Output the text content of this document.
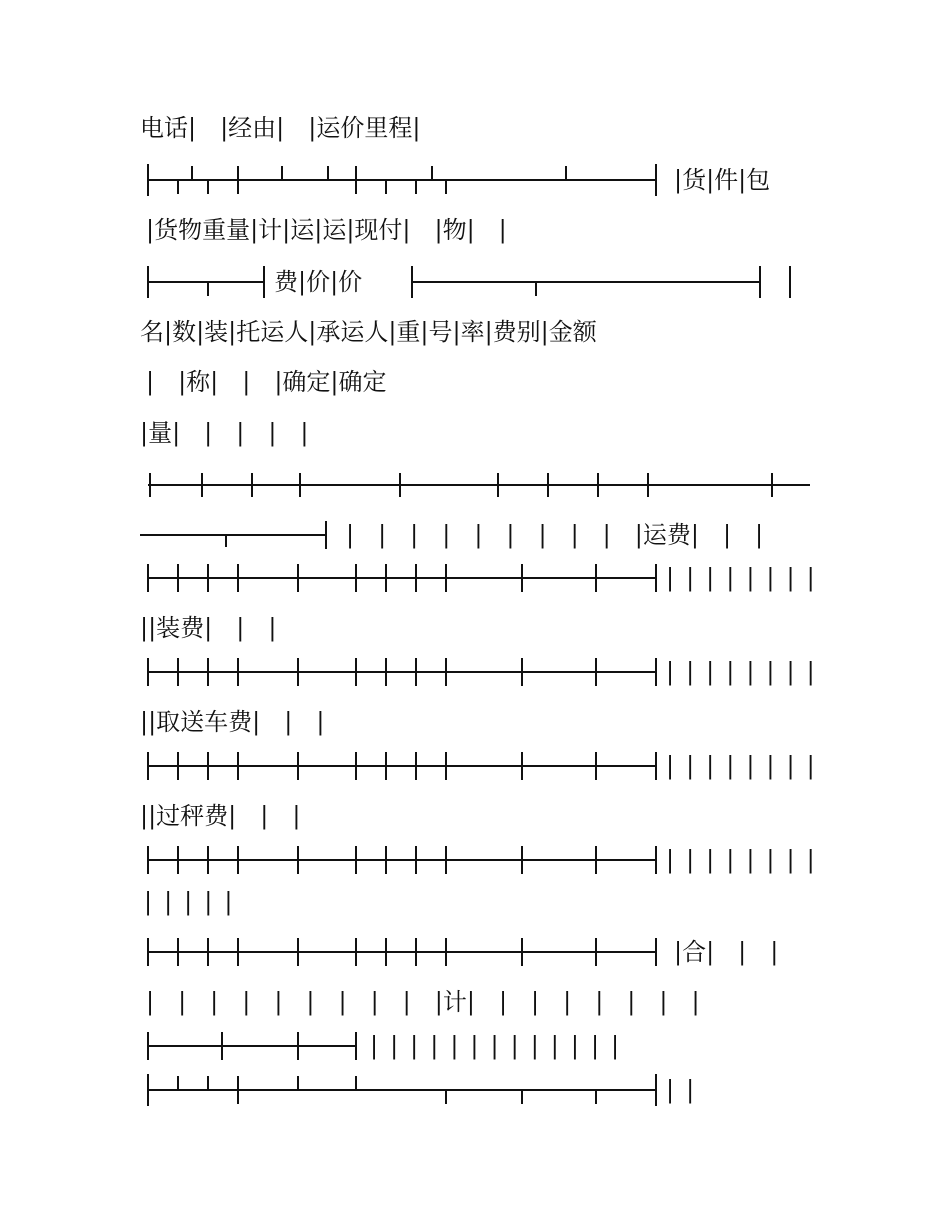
电话|　|经由|　|运价里程|
|货|件|包
|货物重量|计|运|运|现付|　|物|　|
费|价|价
名|数|装|托运人|承运人|重|号|率|费别|金额
|　|称|　|　|确定|确定
|量|　|　|　|　|
|　|　|　|　|　|　|　|　|　|运费|　|　|
||||||||
||装费|　|　|
||||||||
||取送车费|　|　|
||||||||
||过秤费|　|　|
||||||||
|||||
|合|　|　|
|　|　|　|　|　|　|　|　|　|计|　|　|　|　|　|　|　|
|||||||||||||
||
